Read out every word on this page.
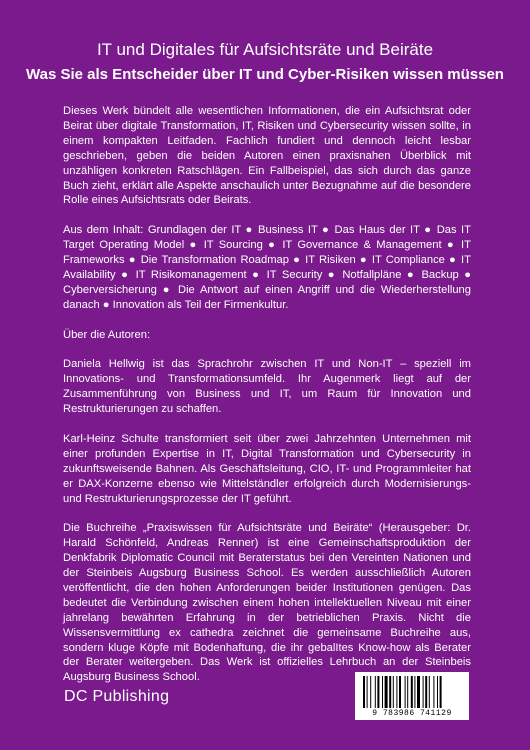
IT und Digitales für Aufsichtsräte und Beiräte
Was Sie als Entscheider über IT und Cyber-Risiken wissen müssen

Dieses Werk bündelt alle wesentlichen Informationen, die ein Aufsichtsrat oder Beirat über digitale Transformation, IT, Risiken und Cybersecurity wissen sollte, in einem kompakten Leitfaden. Fachlich fundiert und dennoch leicht lesbar geschrieben, geben die beiden Autoren einen praxisnahen Überblick mit unzähligen konkreten Ratschlägen. Ein Fallbeispiel, das sich durch das ganze Buch zieht, erklärt alle Aspekte anschaulich unter Bezugnahme auf die besondere Rolle eines Aufsichtsrats oder Beirats.

Aus dem Inhalt: Grundlagen der IT ● Business IT ● Das Haus der IT ● Das IT Target Operating Model ● IT Sourcing ● IT Governance & Management ● IT Frameworks ● Die Transformation Roadmap ● IT Risiken ● IT Compliance ● IT Availability ● IT Risikomanagement ● IT Security ● Notfallpläne ● Backup ● Cyberversicherung ● Die Antwort auf einen Angriff und die Wiederherstellung danach ● Innovation als Teil der Firmenkultur.

Über die Autoren:

Daniela Hellwig ist das Sprachrohr zwischen IT und Non-IT – speziell im Innovations- und Transformationsumfeld. Ihr Augenmerk liegt auf der Zusammenführung von Business und IT, um Raum für Innovation und Restrukturierungen zu schaffen.

Karl-Heinz Schulte transformiert seit über zwei Jahrzehnten Unternehmen mit einer profunden Expertise in IT, Digital Transformation und Cybersecurity in zukunftsweisende Bahnen. Als Geschäftsleitung, CIO, IT- und Programmleiter hat er DAX-Konzerne ebenso wie Mittelständler erfolgreich durch Modernisierungs- und Restrukturierungsprozesse der IT geführt.

Die Buchreihe „Praxiswissen für Aufsichtsräte und Beiräte“ (Herausgeber: Dr. Harald Schönfeld, Andreas Renner) ist eine Gemeinschaftsproduktion der Denkfabrik Diplomatic Council mit Beraterstatus bei den Vereinten Nationen und der Steinbeis Augsburg Business School. Es werden ausschließlich Autoren veröffentlicht, die den hohen Anforderungen beider Institutionen genügen. Das bedeutet die Verbindung zwischen einem hohen intellektuellen Niveau mit einer jahrelang bewährten Erfahrung in der betrieblichen Praxis. Nicht die Wissensvermittlung ex cathedra zeichnet die gemeinsame Buchreihe aus, sondern kluge Köpfe mit Bodenhaftung, die ihr gebalItes Know-how als Berater der Berater weitergeben. Das Werk ist offizielles Lehrbuch an der Steinbeis Augsburg Business School.

DC Publishing
9 783986 741129
